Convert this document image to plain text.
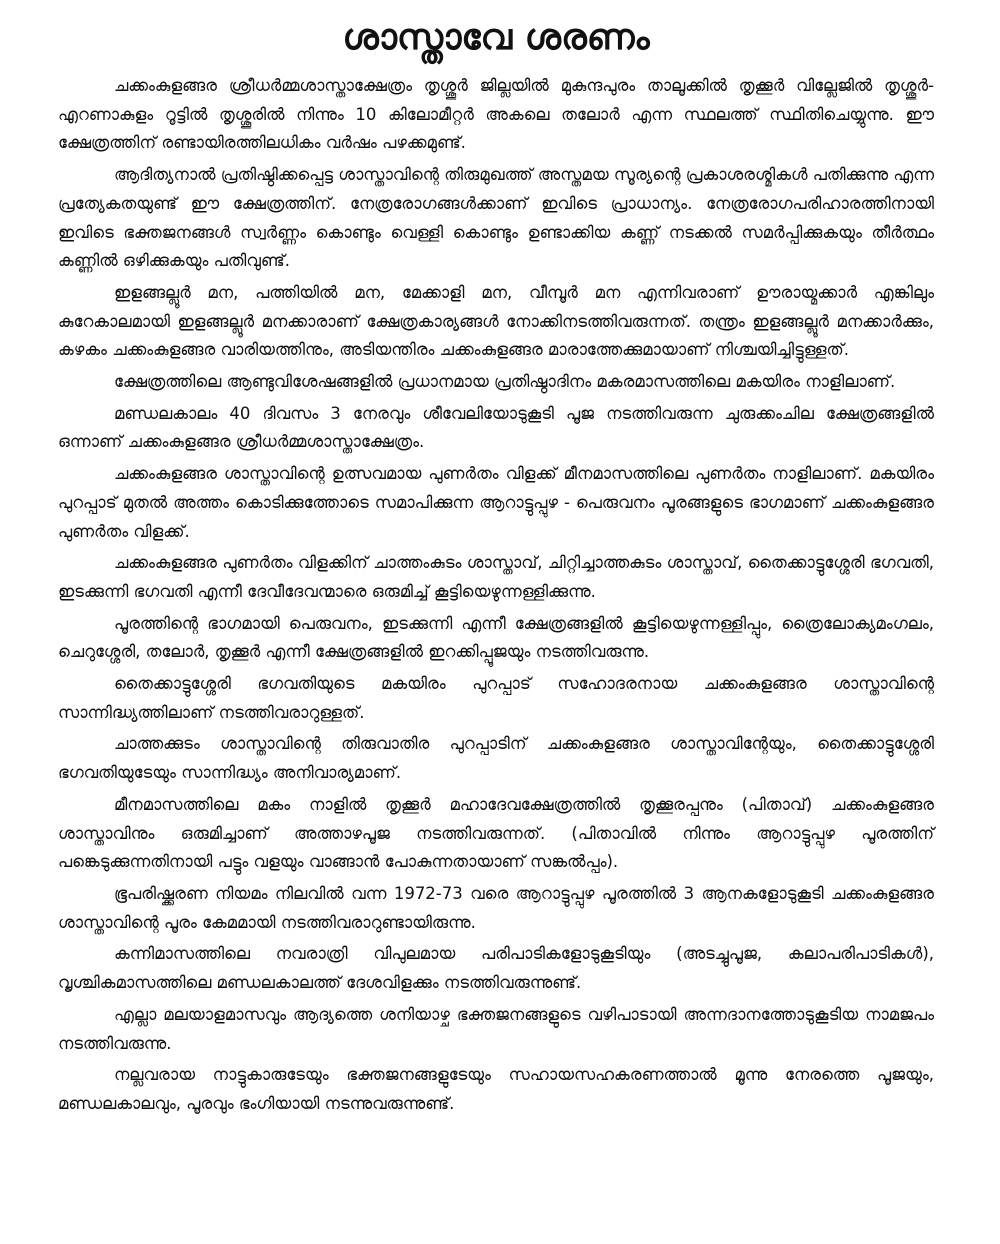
ശാസ്താവേ ശരണം

ചക്കംകുളങ്ങര ശ്രീധർമ്മശാസ്താക്ഷേത്രം തൃശ്ശൂർ ജില്ലയിൽ മുകുന്ദപുരം താലൂക്കിൽ തൃക്കൂർ വില്ലേജിൽ തൃശ്ശൂർ-എറണാകുളം റൂട്ടിൽ തൃശ്ശൂരിൽ നിന്നും 10 കിലോമീറ്റർ അകലെ തലോർ എന്ന സ്ഥലത്ത് സ്ഥിതിചെയ്യുന്നു. ഈ ക്ഷേത്രത്തിന് രണ്ടായിരത്തിലധികം വർഷം പഴക്കമുണ്ട്.

ആദിത്യനാൽ പ്രതിഷ്ഠിക്കപ്പെട്ട ശാസ്താവിന്റെ തിരുമുഖത്ത് അസ്തമയ സൂര്യന്റെ പ്രകാശരശ്മികൾ പതിക്കുന്നു എന്ന പ്രത്യേകതയുണ്ട് ഈ ക്ഷേത്രത്തിന്. നേത്രരോഗങ്ങൾക്കാണ് ഇവിടെ പ്രാധാന്യം. നേത്രരോഗപരിഹാരത്തിനായി ഇവിടെ ഭക്തജനങ്ങൾ സ്വർണ്ണം കൊണ്ടും വെള്ളി കൊണ്ടും ഉണ്ടാക്കിയ കണ്ണ് നടക്കൽ സമർപ്പിക്കുകയും തീർത്ഥം കണ്ണിൽ ഒഴിക്കുകയും പതിവുണ്ട്.

ഇളങ്ങല്ലൂർ മന, പത്തിയിൽ മന, മേക്കാളി മന, വീമ്പൂർ മന എന്നിവരാണ് ഊരായ്മക്കാർ എങ്കിലും കുറേകാലമായി ഇളങ്ങല്ലൂർ മനക്കാരാണ് ക്ഷേത്രകാര്യങ്ങൾ നോക്കിനടത്തിവരുന്നത്. തന്ത്രം ഇളങ്ങല്ലൂർ മനക്കാർക്കും, കഴകം ചക്കംകുളങ്ങര വാരിയത്തിനും, അടിയന്തിരം ചക്കംകുളങ്ങര മാരാത്തേക്കുമായാണ് നിശ്ചയിച്ചിട്ടുള്ളത്.

ക്ഷേത്രത്തിലെ ആണ്ടുവിശേഷങ്ങളിൽ പ്രധാനമായ പ്രതിഷ്ഠാദിനം മകരമാസത്തിലെ മകയിരം നാളിലാണ്.

മണ്ഡലകാലം 40 ദിവസം 3 നേരവും ശീവേലിയോടുകൂടി പൂജ നടത്തിവരുന്ന ചുരുക്കംചില ക്ഷേത്രങ്ങളിൽ ഒന്നാണ് ചക്കംകുളങ്ങര ശ്രീധർമ്മശാസ്താക്ഷേത്രം.

ചക്കംകുളങ്ങര ശാസ്താവിന്റെ ഉത്സവമായ പുണർതം വിളക്ക് മീനമാസത്തിലെ പുണർതം നാളിലാണ്. മകയിരം പുറപ്പാട് മുതൽ അത്തം കൊടിക്കുത്തോടെ സമാപിക്കുന്ന ആറാട്ടുപ്പുഴ - പെരുവനം പൂരങ്ങളുടെ ഭാഗമാണ് ചക്കംകുളങ്ങര പുണർതം വിളക്ക്.

ചക്കംകുളങ്ങര പുണർതം വിളക്കിന് ചാത്തംകുടം ശാസ്താവ്, ചിറ്റിച്ചാത്തകുടം ശാസ്താവ്, തൈക്കാട്ടുശ്ശേരി ഭഗവതി, ഇടക്കുന്നി ഭഗവതി എന്നീ ദേവീദേവന്മാരെ ഒരുമിച്ച് കൂട്ടിയെഴുന്നള്ളിക്കുന്നു.

പൂരത്തിന്റെ ഭാഗമായി പെരുവനം, ഇടക്കുന്നി എന്നീ ക്ഷേത്രങ്ങളിൽ കൂട്ടിയെഴുന്നള്ളിപ്പും, ത്രൈലോക്യമംഗലം, ചെറുശ്ശേരി, തലോർ, തൃക്കൂർ എന്നീ ക്ഷേത്രങ്ങളിൽ ഇറക്കിപ്പൂജയും നടത്തിവരുന്നു.

തൈക്കാട്ടുശ്ശേരി ഭഗവതിയുടെ മകയിരം പുറപ്പാട് സഹോദരനായ ചക്കംകുളങ്ങര ശാസ്താവിന്റെ സാന്നിദ്ധ്യത്തിലാണ് നടത്തിവരാറുള്ളത്.

ചാത്തക്കുടം ശാസ്താവിന്റെ തിരുവാതിര പുറപ്പാടിന് ചക്കംകുളങ്ങര ശാസ്താവിന്റേയും, തൈക്കാട്ടുശ്ശേരി ഭഗവതിയുടേയും സാന്നിദ്ധ്യം അനിവാര്യമാണ്.

മീനമാസത്തിലെ മകം നാളിൽ തൃക്കൂർ മഹാദേവക്ഷേത്രത്തിൽ തൃക്കൂരപ്പനും (പിതാവ്) ചക്കംകുളങ്ങര ശാസ്താവിനും ഒരുമിച്ചാണ് അത്താഴപൂജ നടത്തിവരുന്നത്. (പിതാവിൽ നിന്നും ആറാട്ടുപ്പുഴ പൂരത്തിന് പങ്കെടുക്കുന്നതിനായി പട്ടും വളയും വാങ്ങാൻ പോകുന്നതായാണ് സങ്കൽപ്പം).

ഭൂപരിഷ്ക്കരണ നിയമം നിലവിൽ വന്ന 1972-73 വരെ ആറാട്ടുപ്പുഴ പൂരത്തിൽ 3 ആനകളോടുകൂടി ചക്കംകുളങ്ങര ശാസ്താവിന്റെ പൂരം കേമമായി നടത്തിവരാറുണ്ടായിരുന്നു.

കന്നിമാസത്തിലെ നവരാത്രി വിപുലമായ പരിപാടികളോടുകൂടിയും (അടച്ചുപൂജ, കലാപരിപാടികൾ), വൃശ്ചികമാസത്തിലെ മണ്ഡലകാലത്ത് ദേശവിളക്കും നടത്തിവരുന്നുണ്ട്.

എല്ലാ മലയാളമാസവും ആദ്യത്തെ ശനിയാഴ്ച ഭക്തജനങ്ങളുടെ വഴിപാടായി അന്നദാനത്തോടുകൂടിയ നാമജപം നടത്തിവരുന്നു.

നല്ലവരായ നാട്ടുകാരുടേയും ഭക്തജനങ്ങളുടേയും സഹായസഹകരണത്താൽ മൂന്നു നേരത്തെ പൂജയും, മണ്ഡലകാലവും, പൂരവും ഭംഗിയായി നടന്നുവരുന്നുണ്ട്.
